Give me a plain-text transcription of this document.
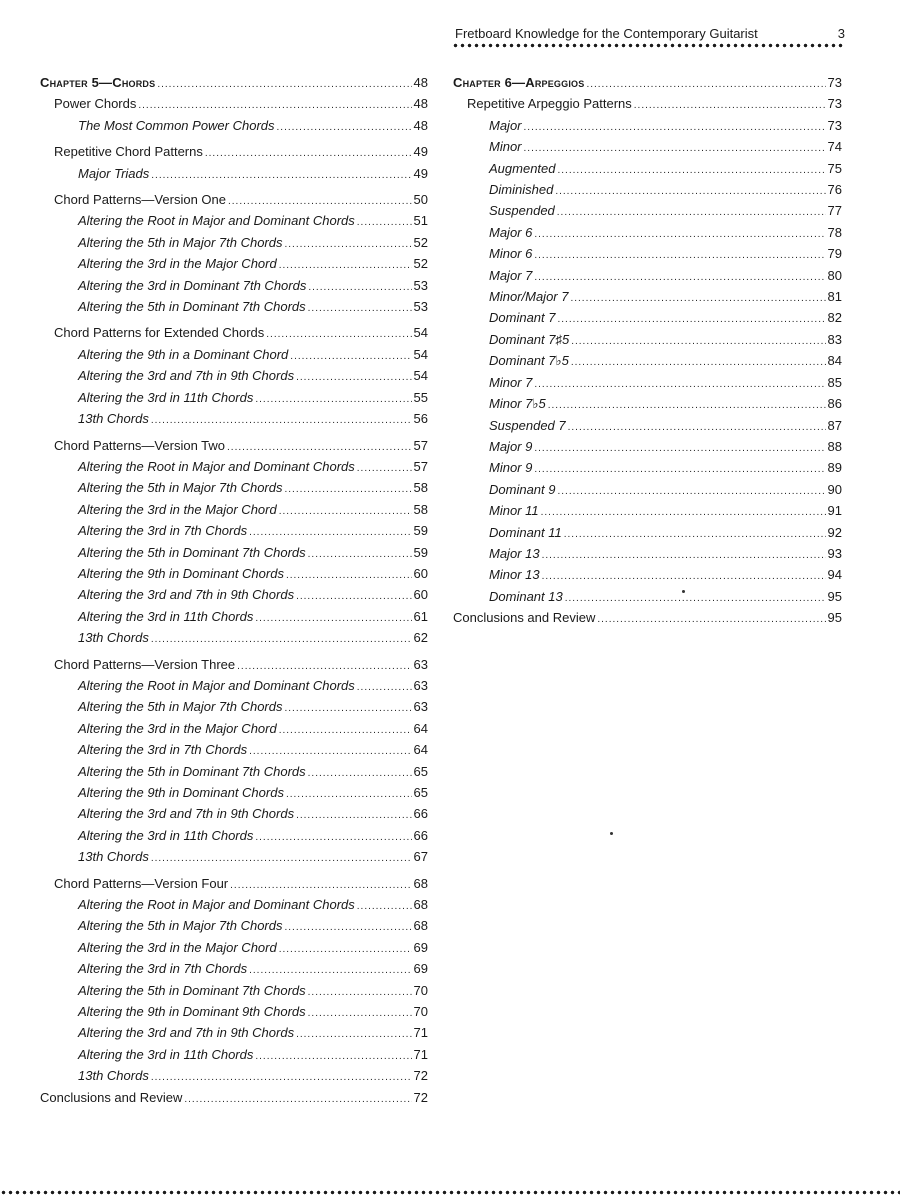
Fretboard Knowledge for the Contemporary Guitarist	3
Chapter 5—Chords .....	48
Power Chords .....	48
The Most Common Power Chords .....	48
Repetitive Chord Patterns .....	49
Major Triads .....	49
Chord Patterns—Version One .....	50
Altering the Root in Major and Dominant Chords .....	51
Altering the 5th in Major 7th Chords .....	52
Altering the 3rd in the Major Chord .....	52
Altering the 3rd in Dominant 7th Chords .....	53
Altering the 5th in Dominant 7th Chords .....	53
Chord Patterns for Extended Chords .....	54
Altering the 9th in a Dominant Chord .....	54
Altering the 3rd and 7th in 9th Chords .....	54
Altering the 3rd in 11th Chords .....	55
13th Chords .....	56
Chord Patterns—Version Two .....	57
Altering the Root in Major and Dominant Chords .....	57
Altering the 5th in Major 7th Chords .....	58
Altering the 3rd in the Major Chord .....	58
Altering the 3rd in 7th Chords .....	59
Altering the 5th in Dominant 7th Chords .....	59
Altering the 9th in Dominant Chords .....	60
Altering the 3rd and 7th in 9th Chords .....	60
Altering the 3rd in 11th Chords .....	61
13th Chords .....	62
Chord Patterns—Version Three .....	63
Altering the Root in Major and Dominant Chords .....	63
Altering the 5th in Major 7th Chords .....	63
Altering the 3rd in the Major Chord .....	64
Altering the 3rd in 7th Chords .....	64
Altering the 5th in Dominant 7th Chords .....	65
Altering the 9th in Dominant Chords .....	65
Altering the 3rd and 7th in 9th Chords .....	66
Altering the 3rd in 11th Chords .....	66
13th Chords .....	67
Chord Patterns—Version Four .....	68
Altering the Root in Major and Dominant Chords .....	68
Altering the 5th in Major 7th Chords .....	68
Altering the 3rd in the Major Chord .....	69
Altering the 3rd in 7th Chords .....	69
Altering the 5th in Dominant 7th Chords .....	70
Altering the 9th in Dominant 9th Chords .....	70
Altering the 3rd and 7th in 9th Chords .....	71
Altering the 3rd in 11th Chords .....	71
13th Chords .....	72
Conclusions and Review .....	72
Chapter 6—Arpeggios .....	73
Repetitive Arpeggio Patterns .....	73
Major .....	73
Minor .....	74
Augmented .....	75
Diminished .....	76
Suspended .....	77
Major 6 .....	78
Minor 6 .....	79
Major 7 .....	80
Minor/Major 7 .....	81
Dominant 7 .....	82
Dominant 7♯5 .....	83
Dominant 7♭5 .....	84
Minor 7 .....	85
Minor 7♭5 .....	86
Suspended 7 .....	87
Major 9 .....	88
Minor 9 .....	89
Dominant 9 .....	90
Minor 11 .....	91
Dominant 11 .....	92
Major 13 .....	93
Minor 13 .....	94
Dominant 13 .....	95
Conclusions and Review .....	95
